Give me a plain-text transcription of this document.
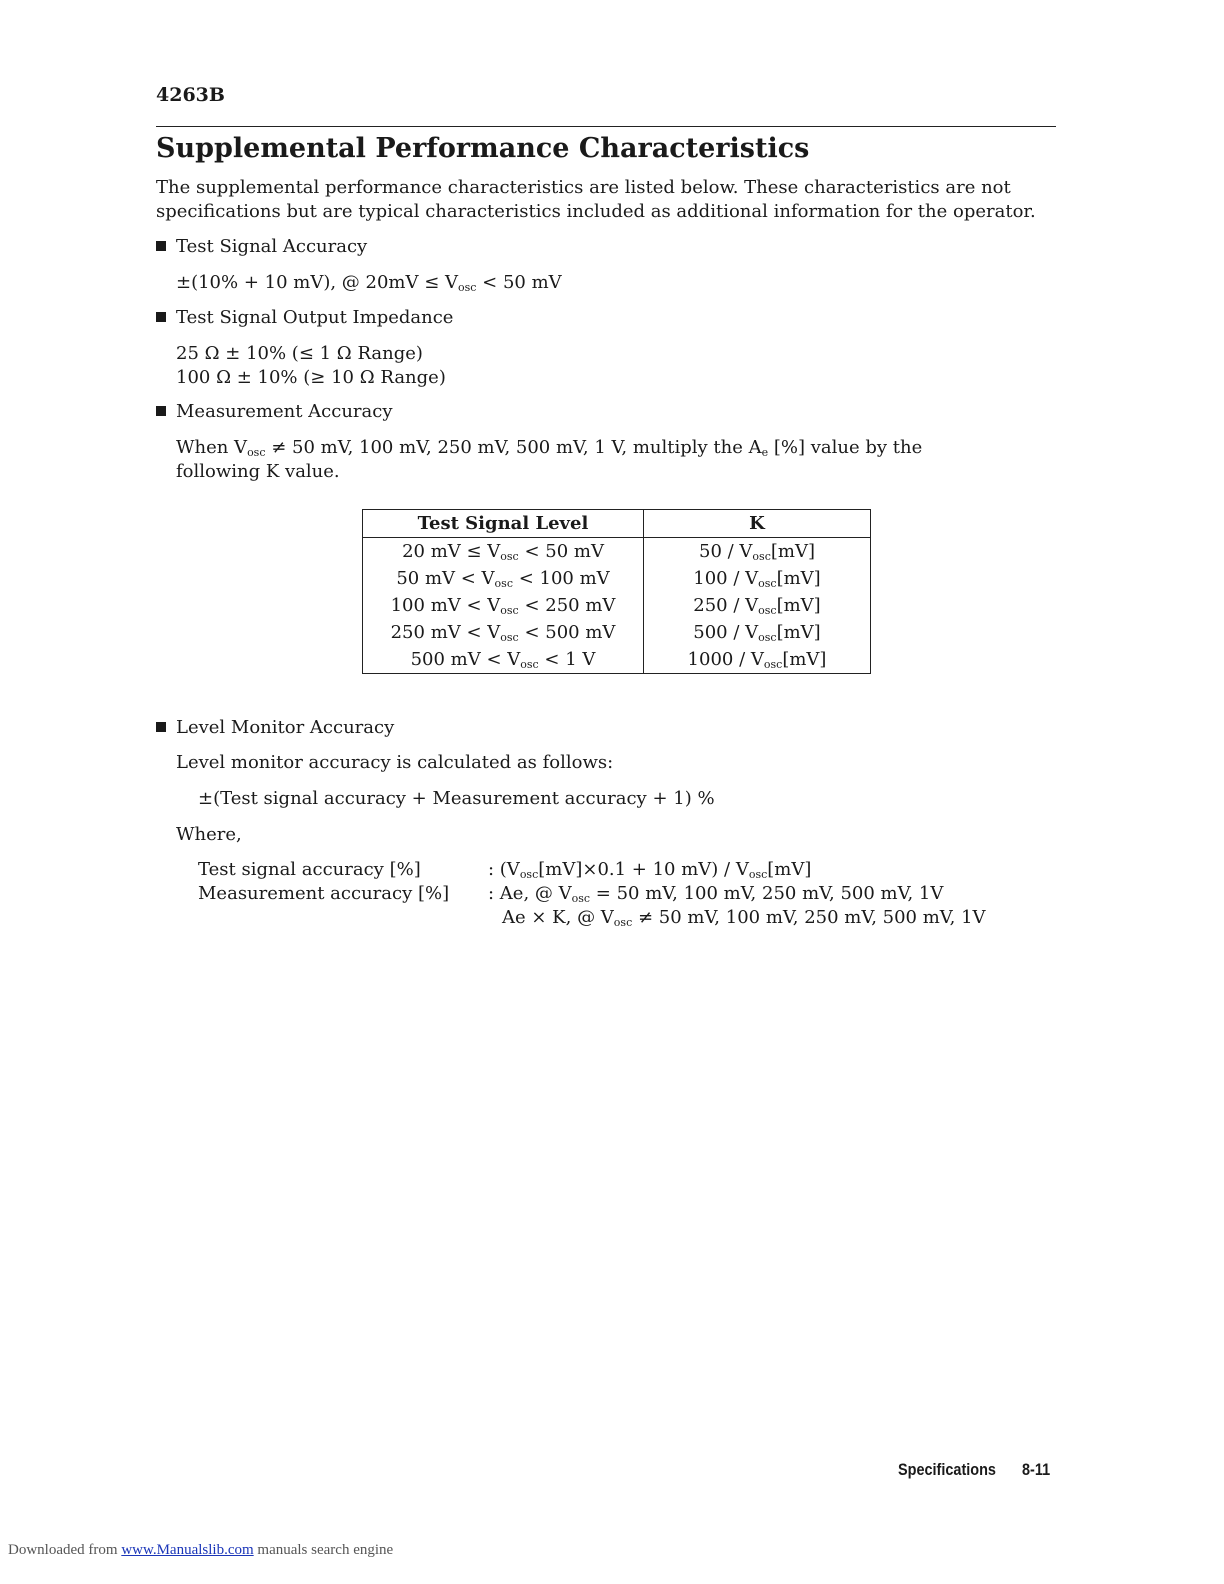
4263B
Supplemental Performance Characteristics
The supplemental performance characteristics are listed below. These characteristics are not specifications but are typical characteristics included as additional information for the operator.
Test Signal Accuracy
±(10% + 10 mV), @ $20mV \le V_{osc} < 50$ mV
Test Signal Output Impedance
25 Ω ± 10% (≤ 1 Ω Range)
100 Ω ± 10% (≥ 10 Ω Range)
Measurement Accuracy
When $V_{osc} \ne 50$ mV, 100 mV, 250 mV, 500 mV, 1 V, multiply the $A_e$ [%] value by the
following K value.
Test Signal Level	K
20 mV ≤ $V_{osc} < 50$ mV	$50 / V_{osc}[mV]$
50 mV < $V_{osc} < 100$ mV	$100 / V_{osc}[mV]$
100 mV < $V_{osc} < 250$ mV	$250 / V_{osc}[mV]$
250 mV < $V_{osc} < 500$ mV	$500 / V_{osc}[mV]$
500 mV < $V_{osc} < 1$ V	$1000 / V_{osc}[mV]$
Level Monitor Accuracy
Level monitor accuracy is calculated as follows:
±(Test signal accuracy + Measurement accuracy + 1) %
Where,
Test signal accuracy [%]	: ($V_{osc}[mV]\times 0.1 + 10$ $mV) / V_{osc}[mV]$
Measurement accuracy [%] : Ae, @ $V_{osc} = 50$ mV, 100 mV, 250 mV, 500 mV, 1V
Ae × K, @ $V_{osc} \ne 50$ mV, 100 mV, 250 mV, 500 mV, 1V
Specifications 8-11
Downloaded from www.Manualslib.com manuals search engine
